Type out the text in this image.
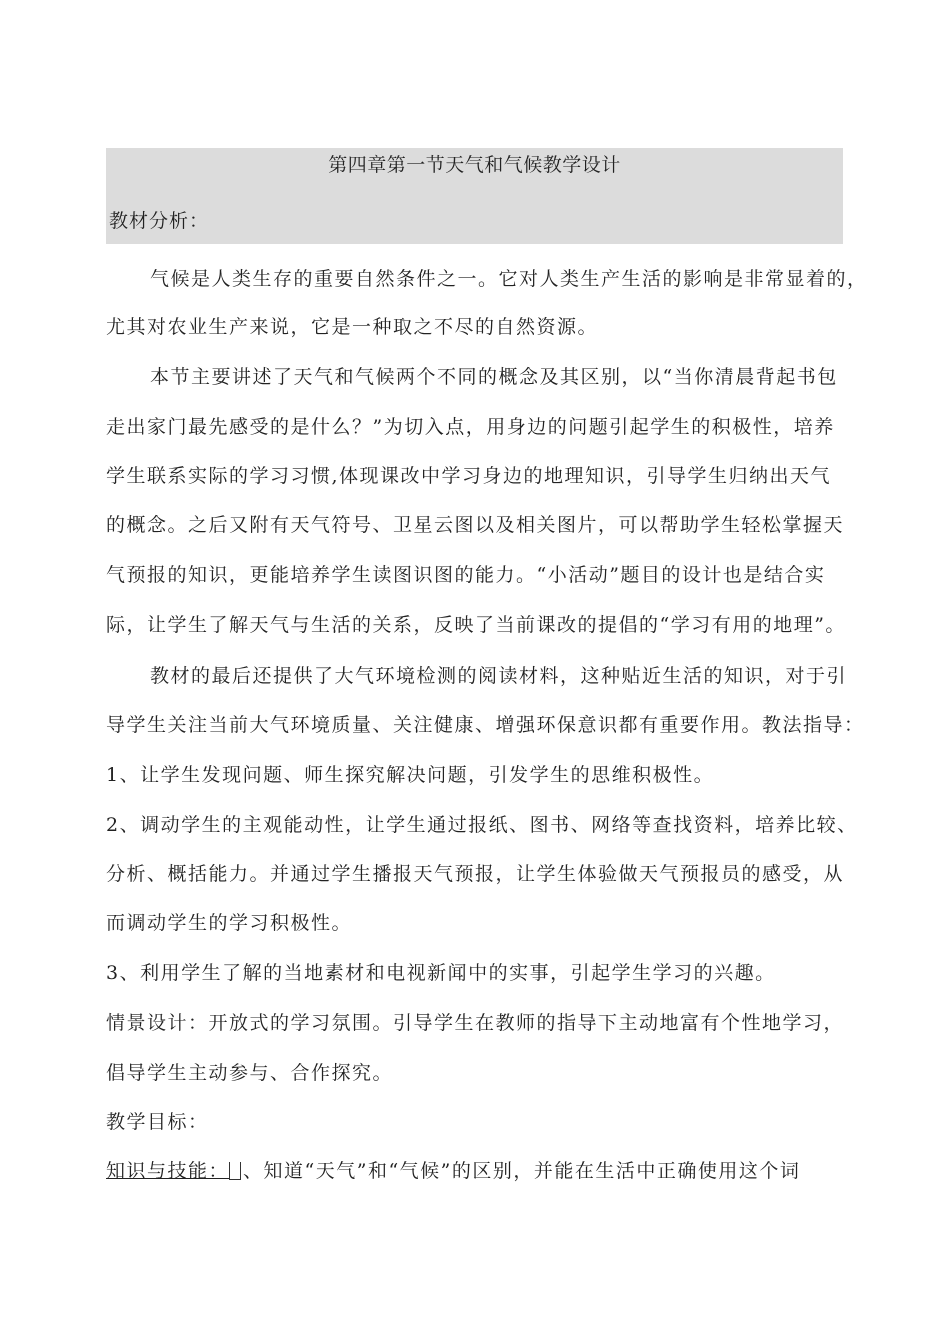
第四章第一节天气和气候教学设计
教材分析：
气候是人类生存的重要自然条件之一。它对人类生产生活的影响是非常显着的，
尤其对农业生产来说，它是一种取之不尽的自然资源。
本节主要讲述了天气和气候两个不同的概念及其区别，以“当你清晨背起书包
走出家门最先感受的是什么？”为切入点，用身边的问题引起学生的积极性，培养
学生联系实际的学习习惯,体现课改中学习身边的地理知识，引导学生归纳出天气
的概念。之后又附有天气符号、卫星云图以及相关图片，可以帮助学生轻松掌握天
气预报的知识，更能培养学生读图识图的能力。“小活动”题目的设计也是结合实
际，让学生了解天气与生活的关系，反映了当前课改的提倡的“学习有用的地理”。
教材的最后还提供了大气环境检测的阅读材料，这种贴近生活的知识，对于引
导学生关注当前大气环境质量、关注健康、增强环保意识都有重要作用。教法指导：
1、让学生发现问题、师生探究解决问题，引发学生的思维积极性。
2、调动学生的主观能动性，让学生通过报纸、图书、网络等查找资料，培养比较、
分析、概括能力。并通过学生播报天气预报，让学生体验做天气预报员的感受，从
而调动学生的学习积极性。
3、利用学生了解的当地素材和电视新闻中的实事，引起学生学习的兴趣。
情景设计：开放式的学习氛围。引导学生在教师的指导下主动地富有个性地学习，
倡导学生主动参与、合作探究。
教学目标：
知识与技能： 、知道“天气”和“气候”的区别，并能在生活中正确使用这个词
